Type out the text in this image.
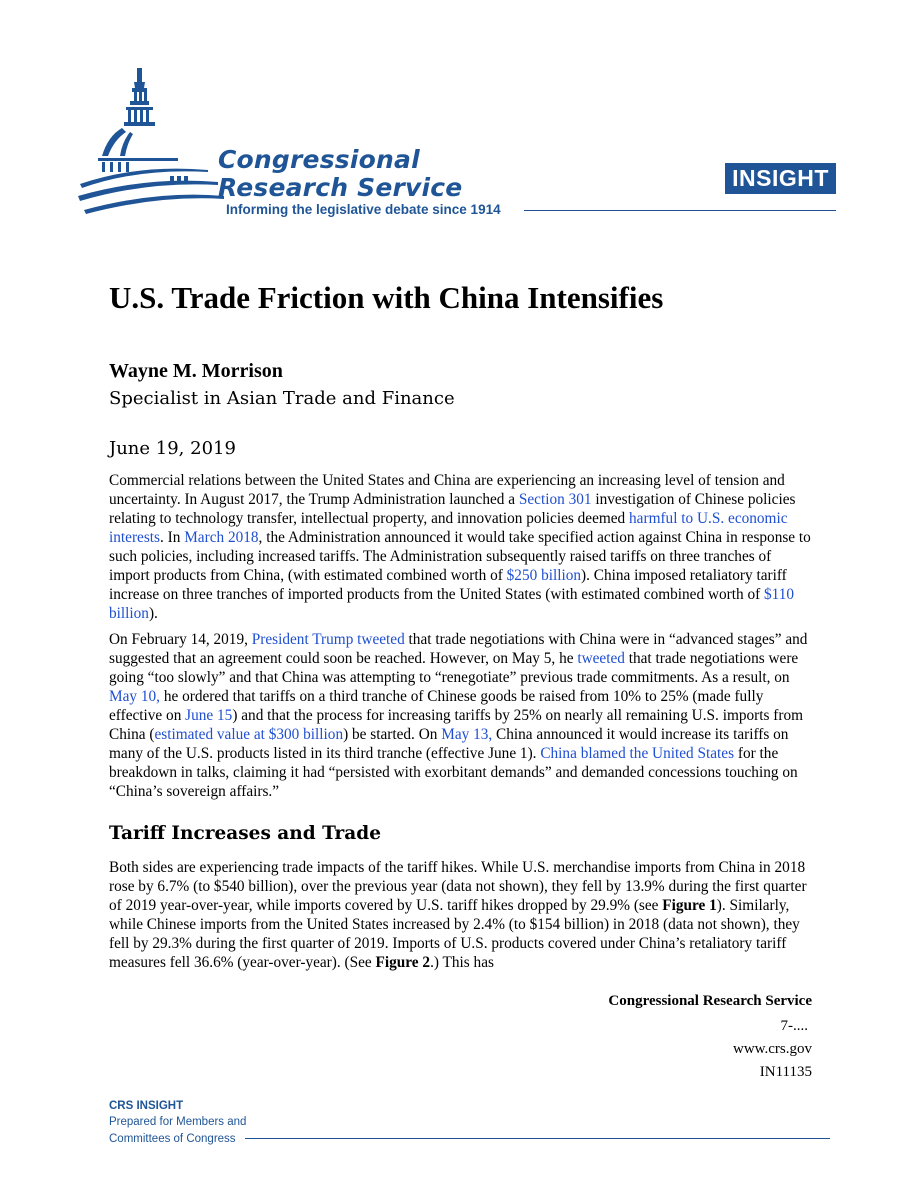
Congressional
Research Service
Informing the legislative debate since 1914
INSIGHT
U.S. Trade Friction with China Intensifies
Wayne M. Morrison
Specialist in Asian Trade and Finance
June 19, 2019

Commercial relations between the United States and China are experiencing an increasing level of tension and uncertainty. In August 2017, the Trump Administration launched a Section 301 investigation of Chinese policies relating to technology transfer, intellectual property, and innovation policies deemed harmful to U.S. economic interests. In March 2018, the Administration announced it would take specified action against China in response to such policies, including increased tariffs. The Administration subsequently raised tariffs on three tranches of import products from China, (with estimated combined worth of $250 billion). China imposed retaliatory tariff increase on three tranches of imported products from the United States (with estimated combined worth of $110 billion).

On February 14, 2019, President Trump tweeted that trade negotiations with China were in “advanced stages” and suggested that an agreement could soon be reached. However, on May 5, he tweeted that trade negotiations were going “too slowly” and that China was attempting to “renegotiate” previous trade commitments. As a result, on May 10, he ordered that tariffs on a third tranche of Chinese goods be raised from 10% to 25% (made fully effective on June 15) and that the process for increasing tariffs by 25% on nearly all remaining U.S. imports from China (estimated value at $300 billion) be started. On May 13, China announced it would increase its tariffs on many of the U.S. products listed in its third tranche (effective June 1). China blamed the United States for the breakdown in talks, claiming it had “persisted with exorbitant demands” and demanded concessions touching on “China’s sovereign affairs.”

Tariff Increases and Trade

Both sides are experiencing trade impacts of the tariff hikes. While U.S. merchandise imports from China in 2018 rose by 6.7% (to $540 billion), over the previous year (data not shown), they fell by 13.9% during the first quarter of 2019 year-over-year, while imports covered by U.S. tariff hikes dropped by 29.9% (see Figure 1). Similarly, while Chinese imports from the United States increased by 2.4% (to $154 billion) in 2018 (data not shown), they fell by 29.3% during the first quarter of 2019. Imports of U.S. products covered under China’s retaliatory tariff measures fell 36.6% (year-over-year). (See Figure 2.) This has

Congressional Research Service
7-....
www.crs.gov
IN11135
CRS INSIGHT
Prepared for Members and
Committees of Congress
